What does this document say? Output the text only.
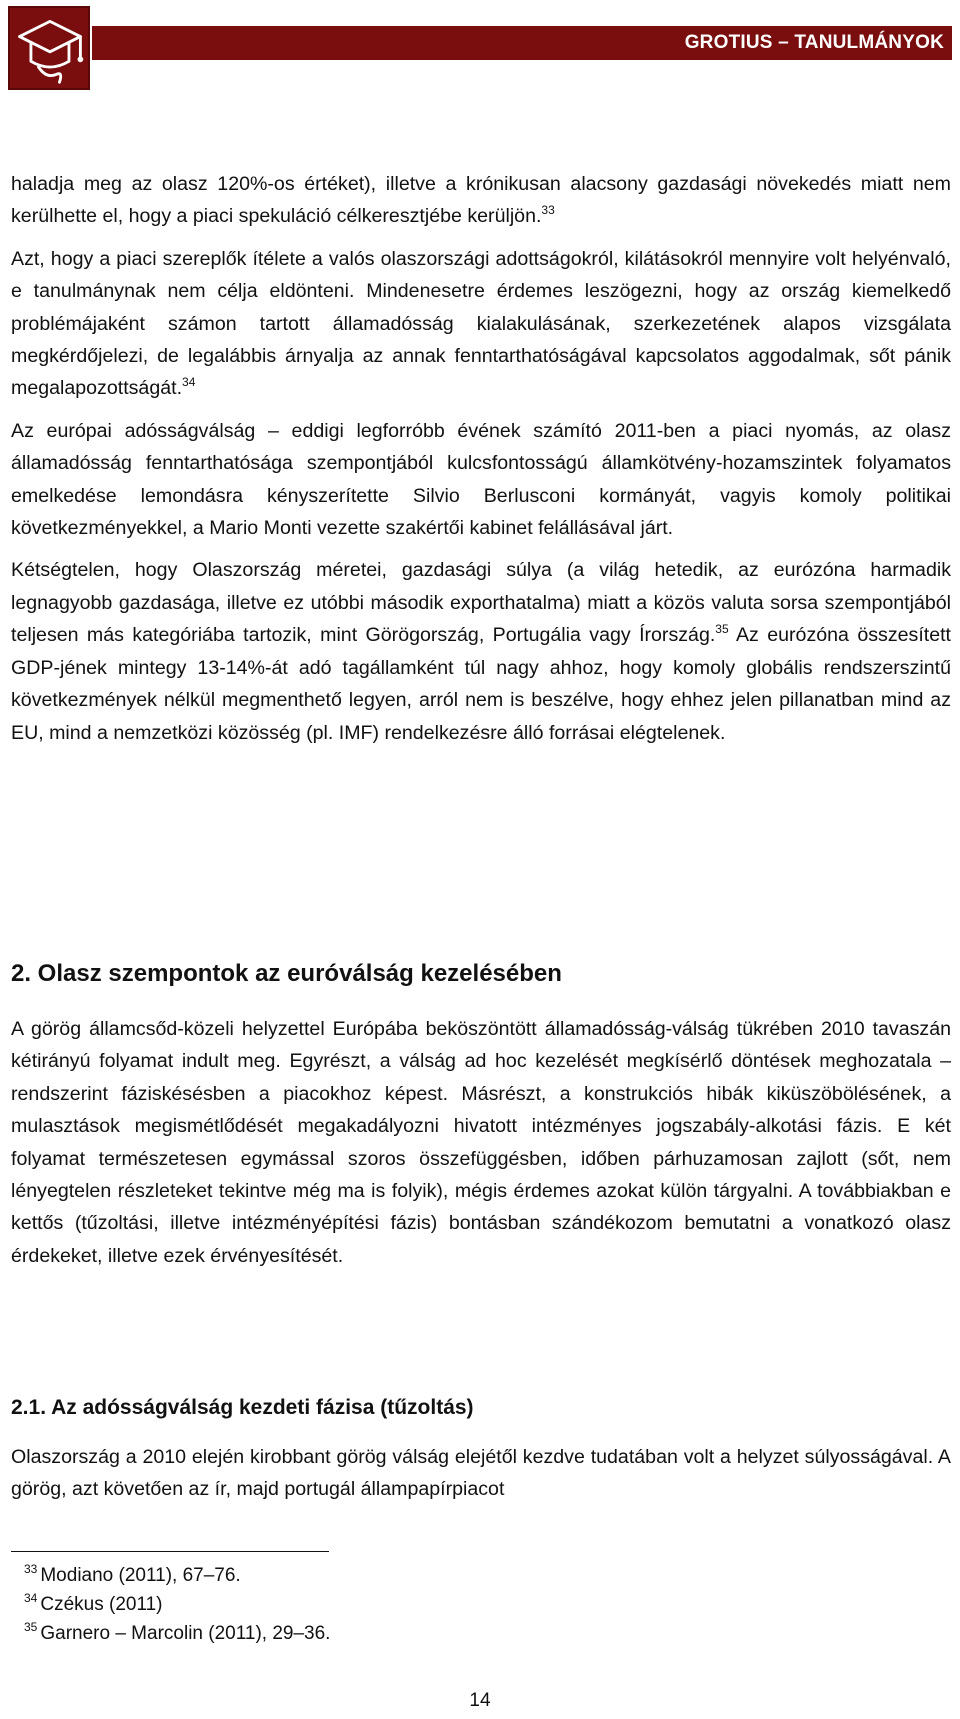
GROTIUS – TANULMÁNYOK

haladja meg az olasz 120%-os értéket), illetve a krónikusan alacsony gazdasági növekedés miatt nem kerülhette el, hogy a piaci spekuláció célkeresztjébe kerüljön.$^{33}$

Azt, hogy a piaci szereplők ítélete a valós olaszországi adottságokról, kilátásokról mennyire volt helyénvaló, e tanulmánynak nem célja eldönteni. Mindenesetre érdemes leszögezni, hogy az ország kiemelkedő problémájaként számon tartott államadósság kialakulásának, szerkezetének alapos vizsgálata megkérdőjelezi, de legalábbis árnyalja az annak fenntarthatóságával kapcsolatos aggodalmak, sőt pánik megalapozottságát.$^{34}$

Az európai adósságválság – eddigi legforróbb évének számító 2011-ben a piaci nyomás, az olasz államadósság fenntarthatósága szempontjából kulcsfontosságú államkötvény-hozamszintek folyamatos emelkedése lemondásra kényszerítette Silvio Berlusconi kormányát, vagyis komoly politikai következményekkel, a Mario Monti vezette szakértői kabinet felállásával járt.

Kétségtelen, hogy Olaszország méretei, gazdasági súlya (a világ hetedik, az eurózóna harmadik legnagyobb gazdasága, illetve ez utóbbi második exporthatalma) miatt a közös valuta sorsa szempontjából teljesen más kategóriába tartozik, mint Görögország, Portugália vagy Írország.$^{35}$ Az eurózóna összesített GDP-jének mintegy 13-14%-át adó tagállamként túl nagy ahhoz, hogy komoly globális rendszerszintű következmények nélkül megmenthető legyen, arról nem is beszélve, hogy ehhez jelen pillanatban mind az EU, mind a nemzetközi közösség (pl. IMF) rendelkezésre álló forrásai elégtelenek.

2. Olasz szempontok az euróválság kezelésében

A görög államcsőd-közeli helyzettel Európába beköszöntött államadósság-válság tükrében 2010 tavaszán kétirányú folyamat indult meg. Egyrészt, a válság ad hoc kezelését megkísérlő döntések meghozatala – rendszerint fáziskésésben a piacokhoz képest. Másrészt, a konstrukciós hibák kiküszöbölésének, a mulasztások megismétlődését megakadályozni hivatott intézményes jogszabály-alkotási fázis. E két folyamat természetesen egymással szoros összefüggésben, időben párhuzamosan zajlott (sőt, nem lényegtelen részleteket tekintve még ma is folyik), mégis érdemes azokat külön tárgyalni. A továbbiakban e kettős (tűzoltási, illetve intézményépítési fázis) bontásban szándékozom bemutatni a vonatkozó olasz érdekeket, illetve ezek érvényesítését.

2.1. Az adósságválság kezdeti fázisa (tűzoltás)

Olaszország a 2010 elején kirobbant görög válság elejétől kezdve tudatában volt a helyzet súlyosságával. A görög, azt követően az ír, majd portugál állampapírpiacot

$^{33}$ Modiano (2011), 67–76.
$^{34}$ Czékus (2011)
$^{35}$ Garnero – Marcolin (2011), 29–36.
14
